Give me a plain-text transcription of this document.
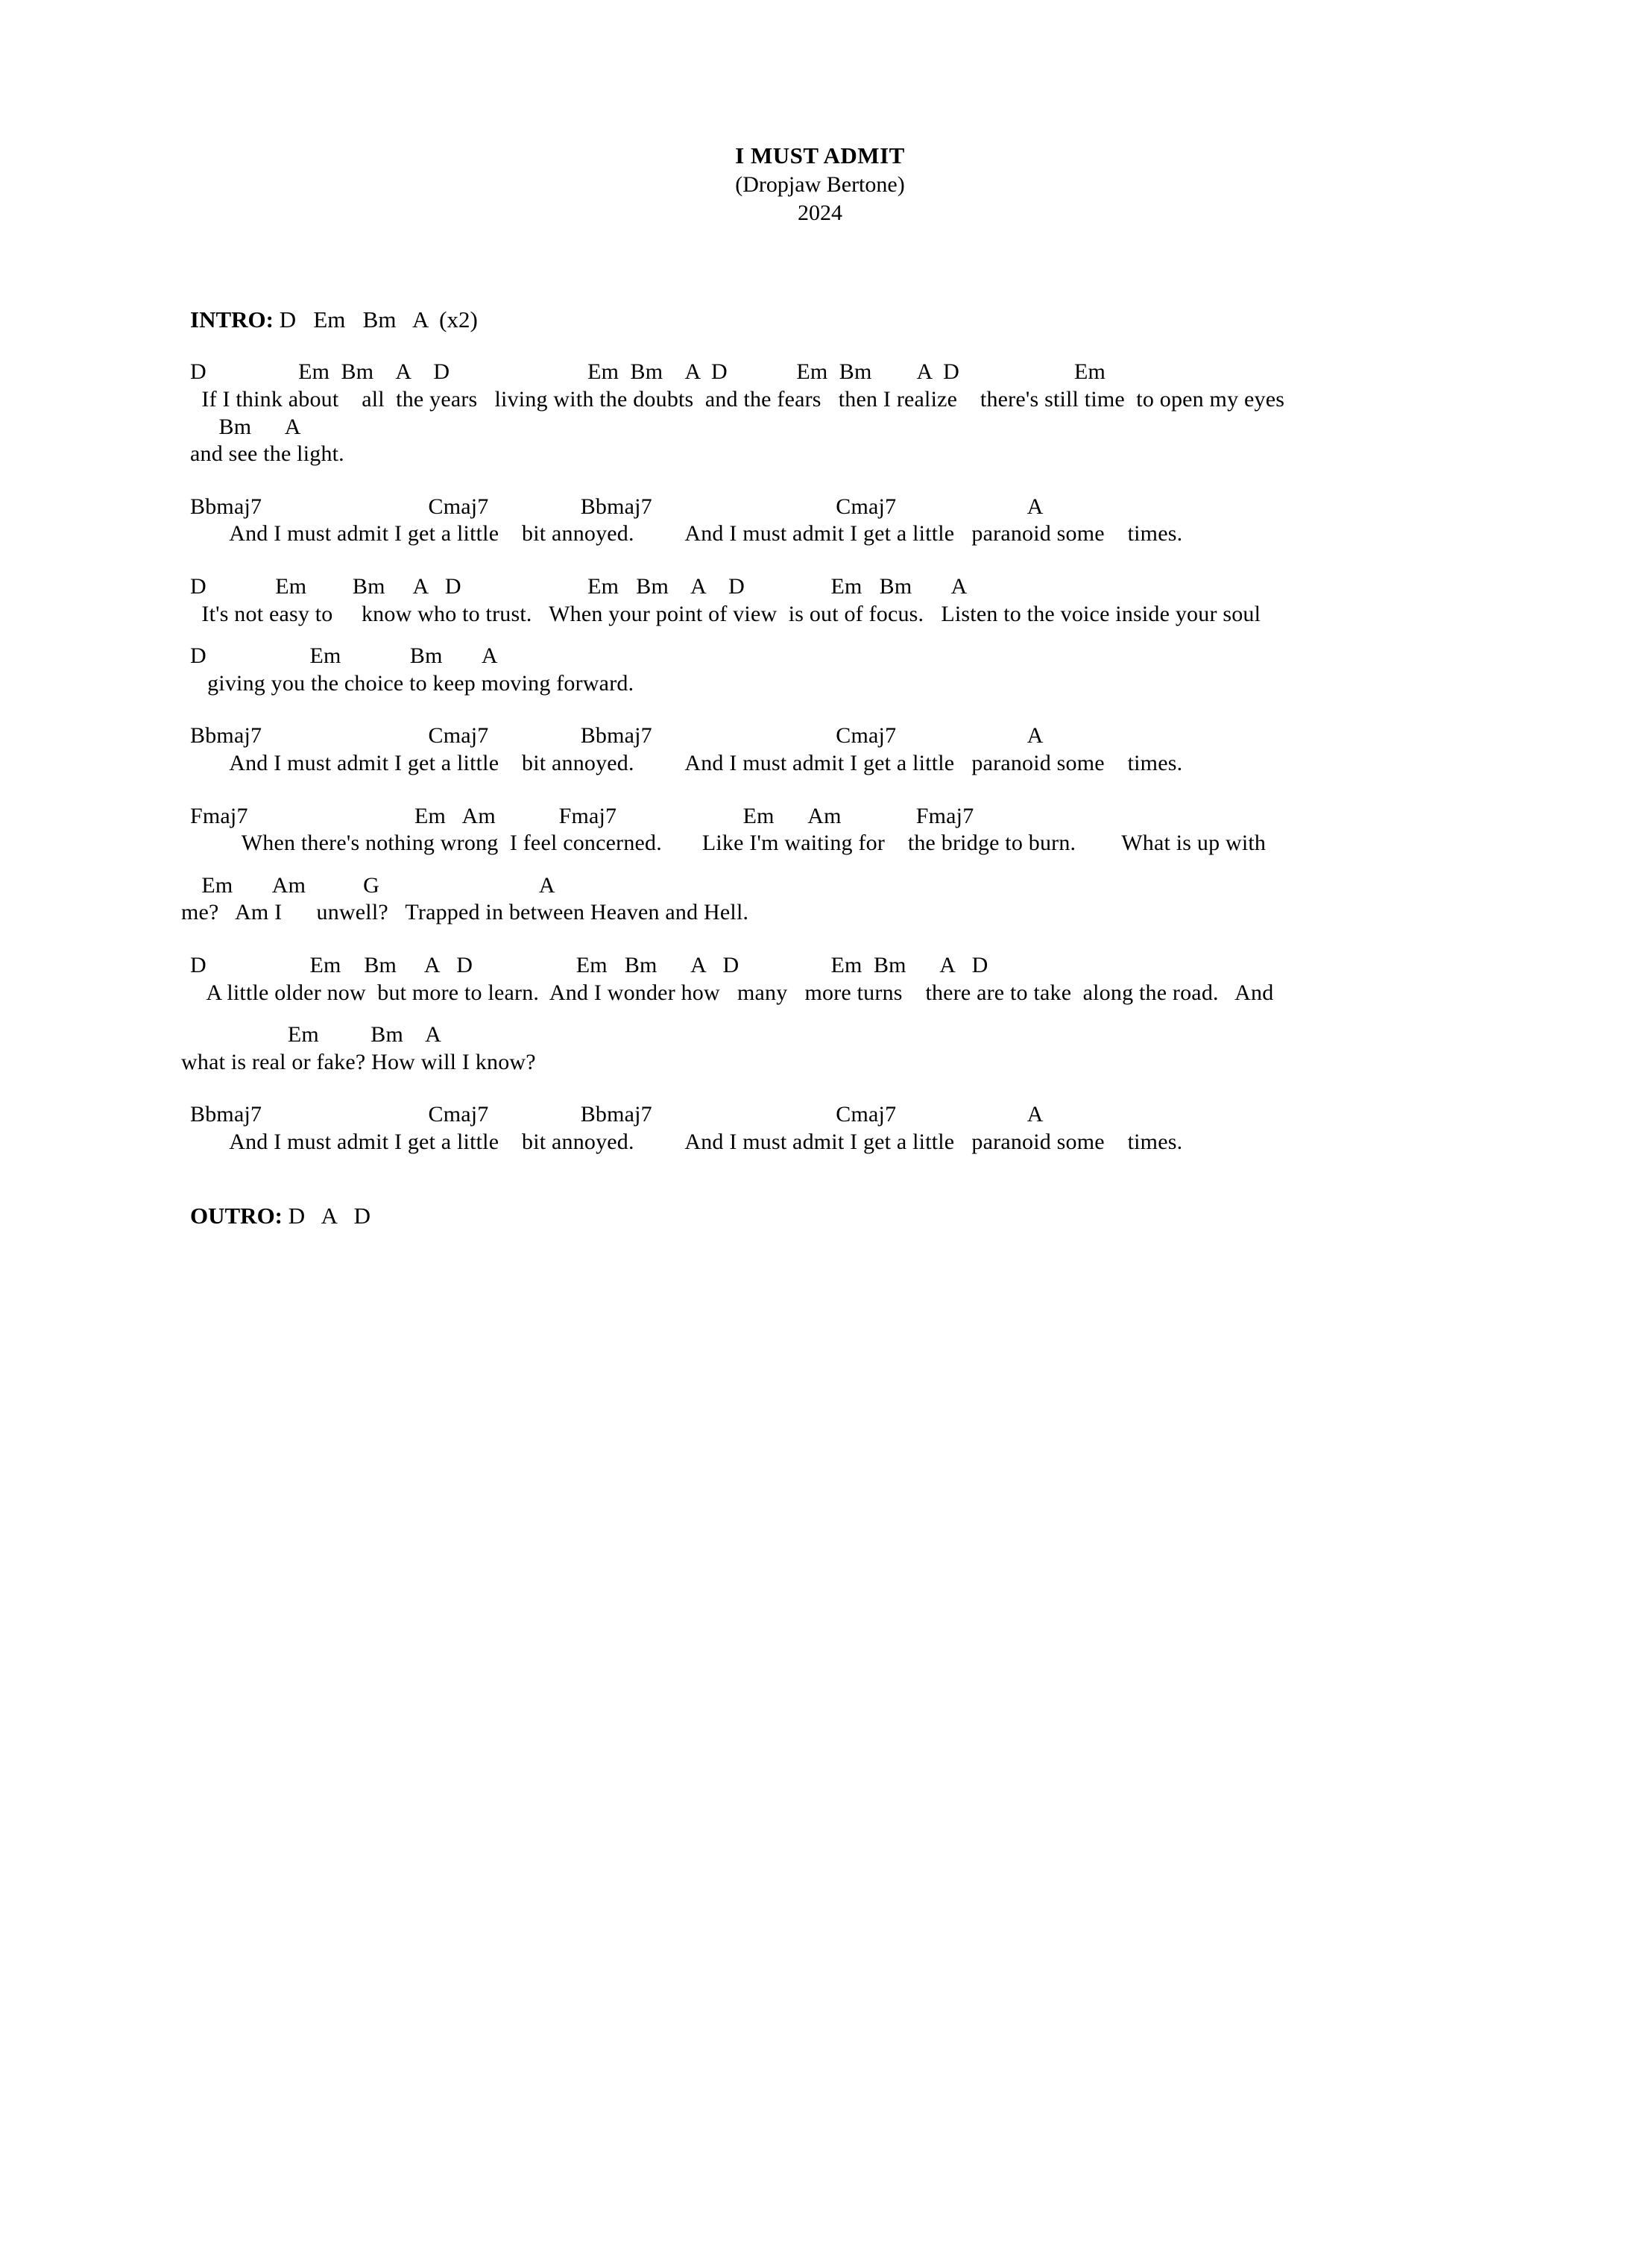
I MUST ADMIT
(Dropjaw Bertone)
2024
INTRO: D   Em   Bm   A  (x2)
D                Em  Bm    A    D                        Em  Bm    A  D            Em  Bm        A  D                    Em
If I think about    all  the years   living with the doubts  and the fears   then I realize    there's still time  to open my eyes
Bm      A
and see the light.
Bbmaj7                             Cmaj7                Bbmaj7                                Cmaj7                       A
And I must admit I get a little    bit annoyed.         And I must admit I get a little   paranoid some    times.
D            Em        Bm     A   D                      Em   Bm    A    D               Em   Bm       A
It's not easy to     know who to trust.   When your point of view  is out of focus.   Listen to the voice inside your soul
D                  Em            Bm       A
giving you the choice to keep moving forward.
Bbmaj7                             Cmaj7                Bbmaj7                                Cmaj7                       A
And I must admit I get a little    bit annoyed.         And I must admit I get a little   paranoid some    times.
Fmaj7                             Em   Am           Fmaj7                      Em      Am             Fmaj7
When there's nothing wrong  I feel concerned.       Like I'm waiting for    the bridge to burn.        What is up with
Em       Am          G                            A
me?   Am I      unwell?   Trapped in between Heaven and Hell.
D                  Em    Bm     A   D                  Em   Bm      A   D                Em  Bm      A   D
A little older now  but more to learn.  And I wonder how   many   more turns    there are to take  along the road.   And
Em         Bm    A
what is real or fake? How will I know?
Bbmaj7                             Cmaj7                Bbmaj7                                Cmaj7                       A
And I must admit I get a little    bit annoyed.         And I must admit I get a little   paranoid some    times.
OUTRO: D   A   D
